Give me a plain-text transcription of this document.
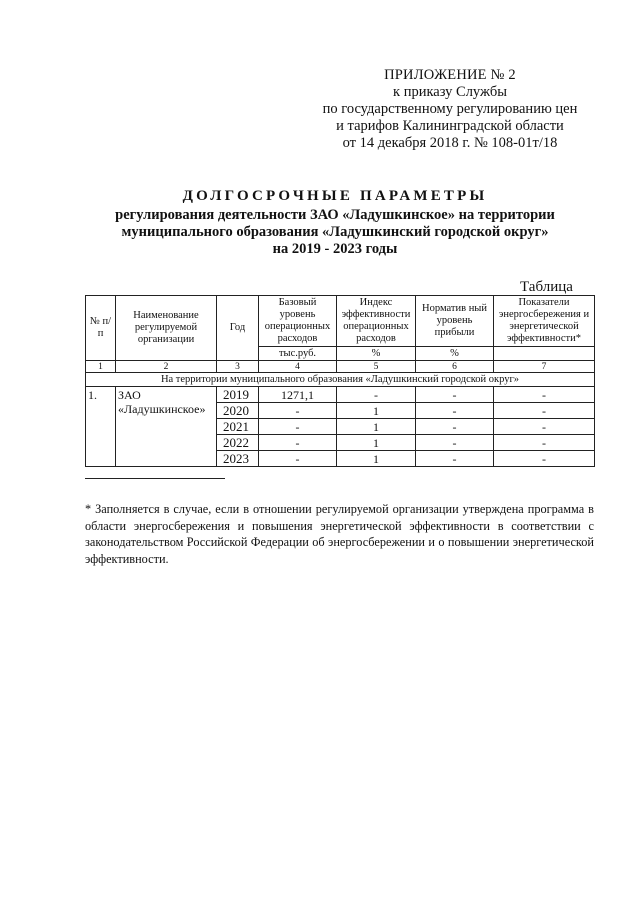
ПРИЛОЖЕНИЕ № 2
к приказу Службы
по государственному регулированию цен
и тарифов Калининградской области
от 14 декабря 2018 г. № 108-01т/18
ДОЛГОСРОЧНЫЕ ПАРАМЕТРЫ
регулирования деятельности ЗАО «Ладушкинское» на территории
муниципального образования «Ладушкинский городской округ»
на 2019 - 2023 годы
Таблица
№ п/п	Наименование регулируемой организации	Год	Базовый уровень операционных расходов	Индекс эффективности операционных расходов	Норматив ный уровень прибыли	Показатели энергосбережения и энергетической эффективности*
			тыс.руб.	%	%	
1	2	3	4	5	6	7
На территории муниципального образования «Ладушкинский городской округ»						
1.	ЗАО «Ладушкинское»	2019	1271,1	-	-	-
		2020	-	1	-	-
		2021	-	1	-	-
		2022	-	1	-	-
		2023	-	1	-	-
* Заполняется в случае, если в отношении регулируемой организации утверждена программа в области энергосбережения и повышения энергетической эффективности в соответствии с законодательством Российской Федерации об энергосбережении и о повышении энергетической эффективности.
